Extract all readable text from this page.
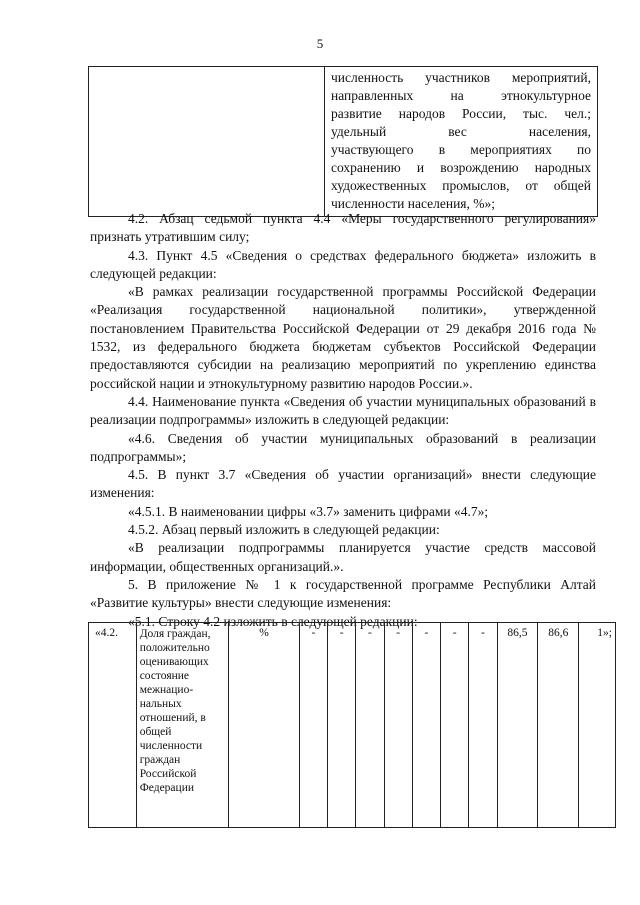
5

численность участников мероприятий,
направленных на этнокультурное
развитие народов России, тыс. чел.;
удельный вес населения,
участвующего в мероприятиях по
сохранению и возрождению народных
художественных промыслов, от общей
численности населения, %»;

4.2. Абзац седьмой пункта 4.4 «Меры государственного регулирования» признать утратившим силу;

4.3. Пункт 4.5 «Сведения о средствах федерального бюджета» изложить в следующей редакции:

«В рамках реализации государственной программы Российской Федерации «Реализация государственной национальной политики», утвержденной постановлением Правительства Российской Федерации от 29 декабря 2016 года № 1532, из федерального бюджета бюджетам субъектов Российской Федерации предоставляются субсидии на реализацию мероприятий по укреплению единства российской нации и этнокультурному развитию народов России.».

4.4. Наименование пункта «Сведения об участии муниципальных образований в реализации подпрограммы» изложить в следующей редакции:

«4.6. Сведения об участии муниципальных образований в реализации подпрограммы»;

4.5. В пункт 3.7 «Сведения об участии организаций» внести следующие изменения:

«4.5.1. В наименовании цифры «3.7» заменить цифрами «4.7»;

4.5.2. Абзац первый изложить в следующей редакции:

«В реализации подпрограммы планируется участие средств массовой информации, общественных организаций.».

5. В приложение № 1 к государственной программе Республики Алтай «Развитие культуры» внести следующие изменения:

«5.1. Строку 4.2 изложить в следующей редакции:

«4.2.	Доля граждан,
положительно
оценивающих
состояние
межнацио-
нальных
отношений, в
общей
численности
граждан
Российской
Федерации
	%	-	-	-	-	-	-	-	86,5	86,6	1»;
